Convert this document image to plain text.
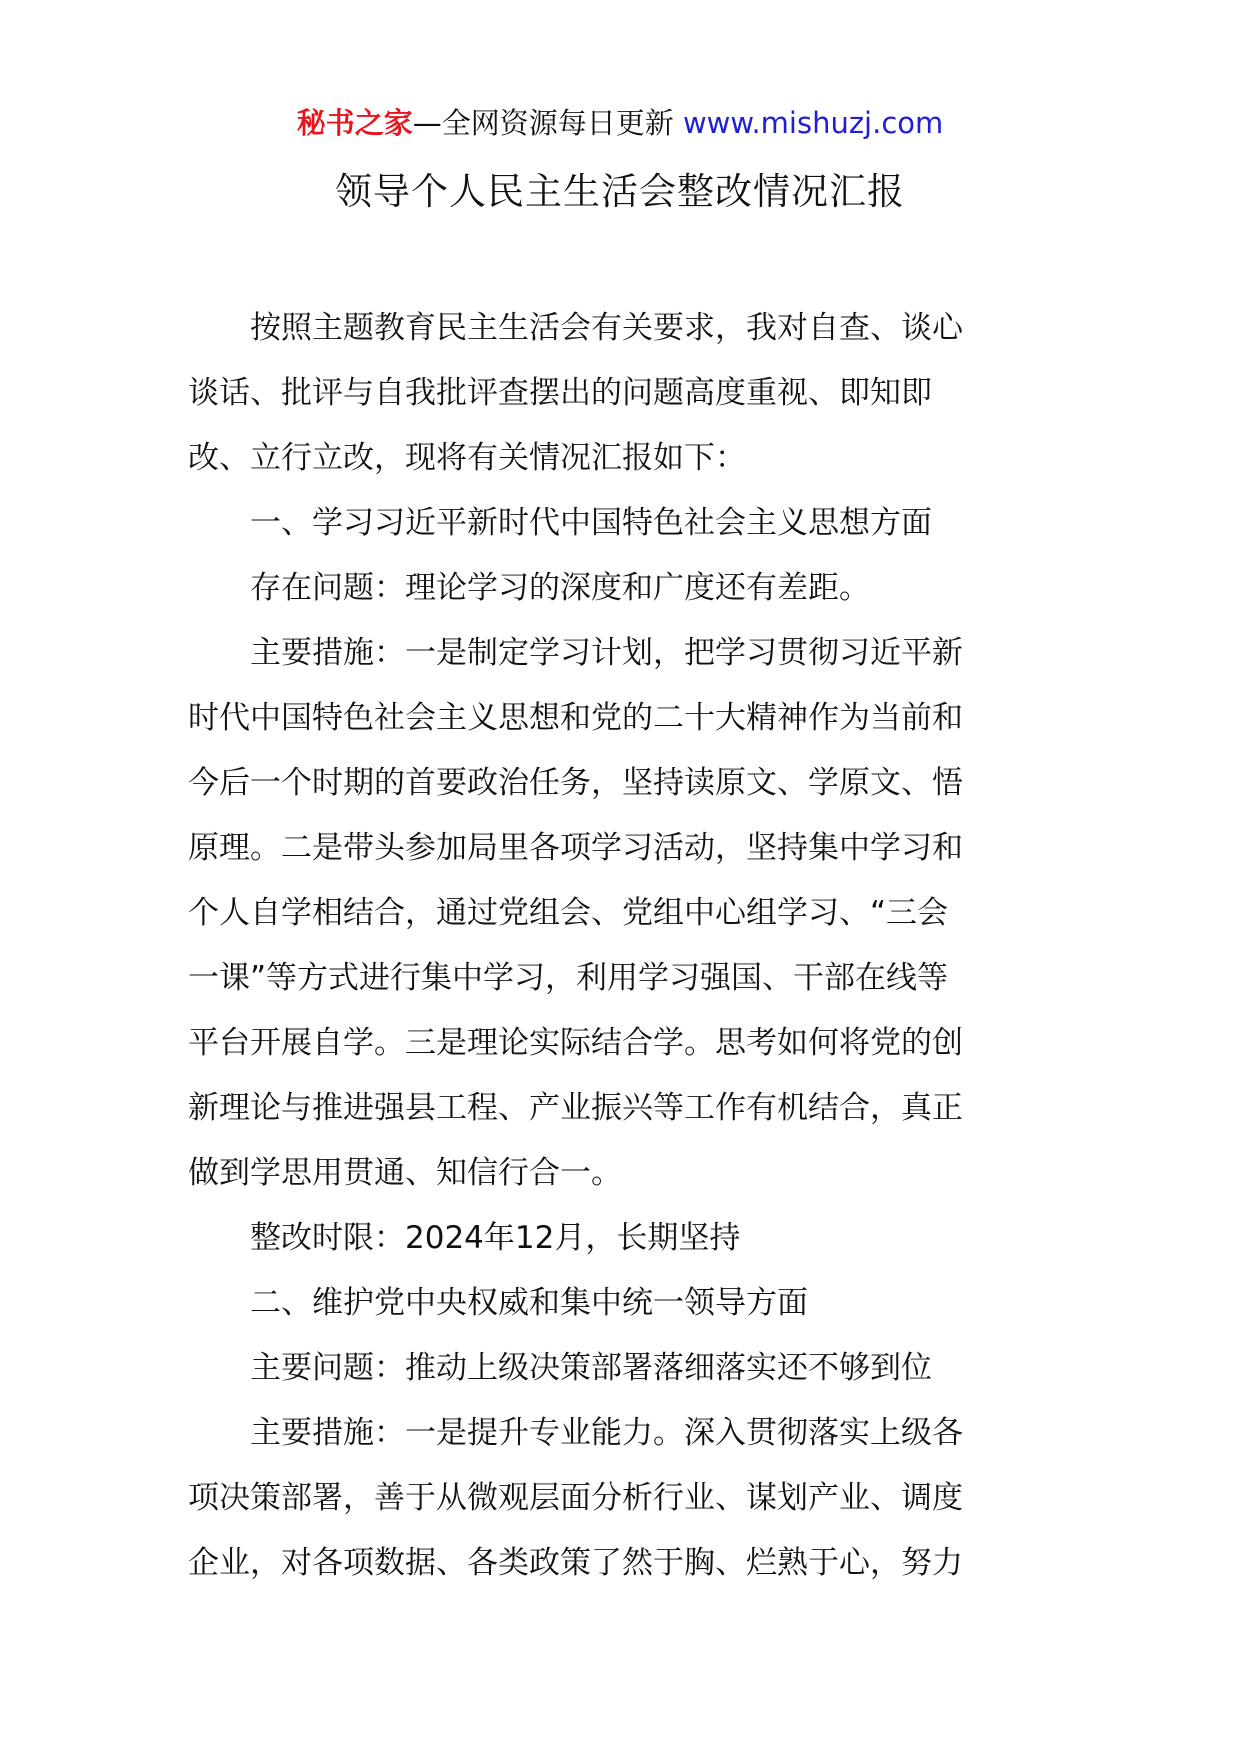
秘书之家—全网资源每日更新 www.mishuzj.com
领导个人民主生活会整改情况汇报

按照主题教育民主生活会有关要求，我对自查、谈心

谈话、批评与自我批评查摆出的问题高度重视、即知即

改、立行立改，现将有关情况汇报如下：

一、学习习近平新时代中国特色社会主义思想方面

存在问题：理论学习的深度和广度还有差距。

主要措施：一是制定学习计划，把学习贯彻习近平新

时代中国特色社会主义思想和党的二十大精神作为当前和

今后一个时期的首要政治任务，坚持读原文、学原文、悟

原理。二是带头参加局里各项学习活动，坚持集中学习和

个人自学相结合，通过党组会、党组中心组学习、“三会

一课”等方式进行集中学习，利用学习强国、干部在线等

平台开展自学。三是理论实际结合学。思考如何将党的创

新理论与推进强县工程、产业振兴等工作有机结合，真正

做到学思用贯通、知信行合一。

整改时限：2024年12月，长期坚持

二、维护党中央权威和集中统一领导方面

主要问题：推动上级决策部署落细落实还不够到位

主要措施：一是提升专业能力。深入贯彻落实上级各

项决策部署，善于从微观层面分析行业、谋划产业、调度

企业，对各项数据、各类政策了然于胸、烂熟于心，努力
